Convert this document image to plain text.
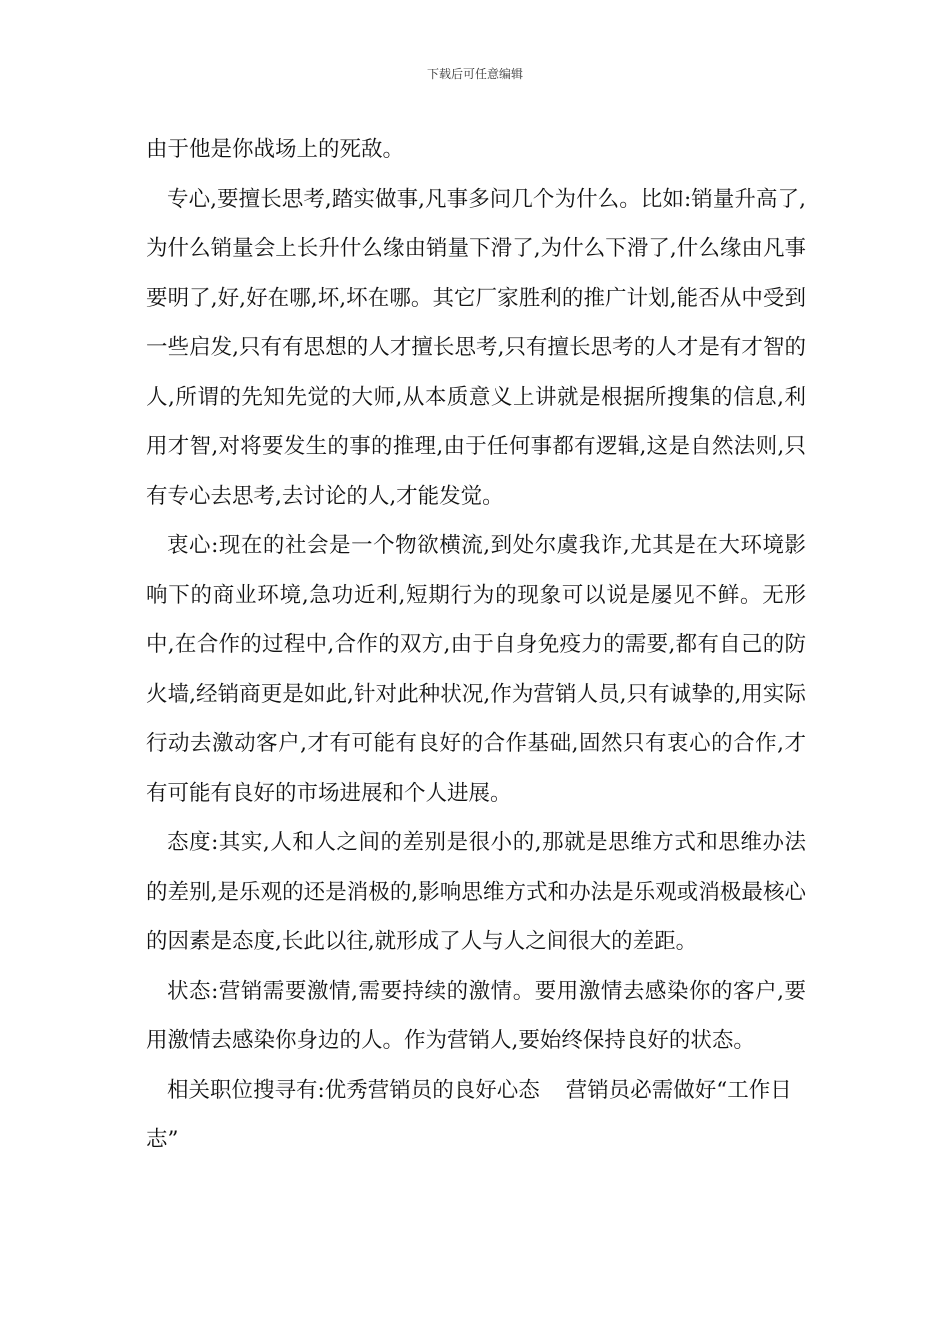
下载后可任意编辑

由于他是你战场上的死敌。

专心,要擅长思考,踏实做事,凡事多问几个为什么。比如:销量升高了,为什么销量会上长升什么缘由销量下滑了,为什么下滑了,什么缘由凡事要明了,好,好在哪,坏,坏在哪。其它厂家胜利的推广计划,能否从中受到一些启发,只有有思想的人才擅长思考,只有擅长思考的人才是有才智的人,所谓的先知先觉的大师,从本质意义上讲就是根据所搜集的信息,利用才智,对将要发生的事的推理,由于任何事都有逻辑,这是自然法则,只有专心去思考,去讨论的人,才能发觉。

衷心:现在的社会是一个物欲横流,到处尔虞我诈,尤其是在大环境影响下的商业环境,急功近利,短期行为的现象可以说是屡见不鲜。无形中,在合作的过程中,合作的双方,由于自身免疫力的需要,都有自己的防火墙,经销商更是如此,针对此种状况,作为营销人员,只有诚挚的,用实际行动去激动客户,才有可能有良好的合作基础,固然只有衷心的合作,才有可能有良好的市场进展和个人进展。

态度:其实,人和人之间的差别是很小的,那就是思维方式和思维办法的差别,是乐观的还是消极的,影响思维方式和办法是乐观或消极最核心的因素是态度,长此以往,就形成了人与人之间很大的差距。

状态:营销需要激情,需要持续的激情。要用激情去感染你的客户,要用激情去感染你身边的人。作为营销人,要始终保持良好的状态。

相关职位搜寻有:优秀营销员的良好心态 营销员必需做好“工作日志”
